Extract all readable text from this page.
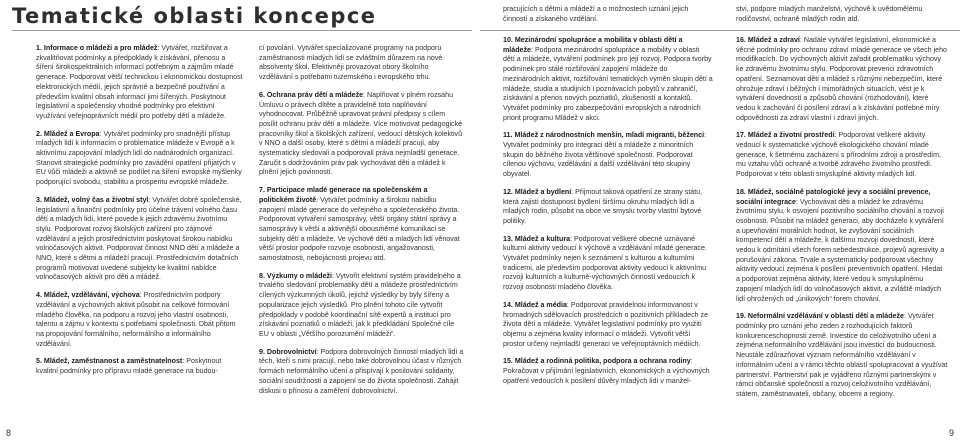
Tematické oblasti koncepce

1. Informace o mládeži a pro mládež: Vytvářet, rozšiřovat a zkvalitňovat podmínky a předpoklady k získávání, přenosu a šíření širokospektrálních informací potřebným a zájmům mladé generace. Podporovat větší technickou i ekonomickou dostupnost elektronických médií, jejich správné a bezpečné používání a především kvalitní obsah informací jimi šířených. Poskytnout legislativní a společensky vhodné podmínky pro efektivní využívání veřejnoprávních médií pro potřeby dětí a mládeže.

2. Mládež a Evropa: Vytvářet podmínky pro snadnější přístup mladých lidí k informacím o problematice mládeže v Evropě a k aktivnímu zapojování mladých lidí do nadnárodních organizací. Stanovit strategické podmínky pro zavádění opatření přijatých v EU vůči mládeži a aktivně se podílet na šíření evropské myšlenky podporující svobodu, stabilitu a prosperitu evropské mládeže.

3. Mládež, volný čas a životní styl: Vytvářet dobré společenské, legislativní a finanční podmínky pro účelné trávení volného času dětí a mladých lidí, které povede k jejich zdravému životnímu stylu. Podporovat rozvoj školských zařízení pro zájmové vzdělávání a jejich prostřednictvím poskytovat širokou nabídku volnočasových aktivit. Podporovat činnost NNO dětí a mládeže a NNO, které s dětmi a mládeží pracují. Prostřednictvím dotačních programů motivovat uvedené subjekty ke kvalitní nabídce volnočasových aktivit pro děti a mládež.

4. Mládež, vzdělávání, výchova: Prostřednictvím podpory vzdělávání a výchovných aktivit působit na celkové formování mladého člověka, na podporu a rozvoj jeho vlastní osobnosti, talentu a zájmu v kontextu s potřebami společnosti. Dbát přitom na propojování formálního, neformálního a informálního vzdělávání.

5. Mládež, zaměstnanost a zaměstnatelnost: Poskytnout kvalitní podmínky pro přípravu mladé generace na budou-

cí povolání. Vytvářet specializované programy na podporu zaměstnanosti mladých lidí se zvláštním důrazem na nové absolventy škol. Efektivněji provazovat obory školního vzdělávání s potřebami tuzemského i evropského trhu.

6. Ochrana práv dětí a mládeže: Naplňovat v plném rozsahu Úmluvu o právech dítěte a pravidelně toto naplňování vyhodnocovat. Průběžně upravovat právní předpisy s cílem posílit ochranu práv dětí a mládeže. Více motivovat pedagogické pracovníky škol a školských zařízení, vedoucí dětských kolektivů v NNO a další osoby, které s dětmi a mládeží pracují, aby systematicky sledovali a podporovali práva nejmladší generace. Zaručit s dodržováním práv pak vychovávat děti a mládež k plnění jejich povinností.

7. Participace mladé generace na společenském a politickém životě: Vytvářet podmínky a širokou nabídku zapojení mladé generace do veřejného a společenského života. Podporovat vytváření samosprávy, větší orgány státní správy a samosprávy k větší a aktivnější obousměrné komunikaci se subjekty dětí a mládeže. Ve výchově dětí a mladých lidí věnovat větší prostor podpoře rozvoje osobnosti, angažovanosti, samostatnosti, nebojácnosti projevu atd.

8. Výzkumy o mládeži: Vytvořit efektivní systém pravidelného a trvalého sledování problematiky dětí a mládeže prostřednictvím cílených výzkumných úkolů, jejichž výsledky by byly šířeny a popularizace jejich výsledků. Pro plnění tohoto cíle vytvořit předpoklady v podobě koordinační sítě expertů a institucí pro získávání poznatků o mládeži, jak k předkládání Společné cíle EU v oblasti „Většího porozumění mládeži“.

9. Dobrovolnictví: Podpora dobrovolných činností mladých lidí a těch, kteří s nimi pracují, nebo také dobrovolnou účast v různých formách neformálního učení a přispívají k posilování solidarity, sociální soudržnosti a zapojení se do života společnosti. Zahájit diskusi o přínosu a zaměření dobrovolnictví.

8
pracujících s dětmi a mládeží a o možnostech uznání jejich činností a získaného vzdělání.
stvi, podpore mladých manželstvi, výchově k uvědomělému rodičovství, ochraně mladých rodin atd.

10. Mezinárodní spolupráce a mobilita v oblasti dětí a mládeže: Podpora mezinárodní spolupráce a mobility v oblasti dětí a mládeže, vytváření podmínek pro její rozvoj. Podpora tvorby podmínek pro stálé rozšiřování zapojení mládeže do mezinárodních aktivit, rozšiřování tematických výměn skupin dětí a mládeže, studia a studijních i poznávacích pobytů v zahraničí, získávání a přenos nových poznatků, zkušeností a kontaktů. Vytvářet podmínky pro zabezpečování evropských a národních priorit programu Mládež v akci.

11. Mládež z národnostních menšin, mladí migranti, běženci: Vytvářet podmínky pro integraci dětí a mládeže z minoritních skupin do běžného života většinové společnosti. Podporovat cílenou výchovu, vzdělávání a další vzdělávání této skupiny obyvatel.

12. Mládež a bydlení: Přijmout taková opatření ze strany státu, která zajistí dostupnost bydlení širšímu okruhu mladých lidí a mladých rodin, působit na obce ve smyslu tvorby vlastní bytové politiky.

13. Mládež a kultura: Podporovat veškeré obecné uznávané kulturní aktivity vedoucí k výchově a vzdělávání mladé generace. Vytvářet podmínky nejen k seznámení s kulturou a kulturními tradicemi, ale především podporovat aktivity vedoucí k aktivnímu rozvoji kulturních a kulturně-výchovných činností vedoucích k rozvoji osobnosti mladého člověka.

14. Mládež a média: Podporovat pravidelnou informovanost v hromadných sdělovacích prostředcích o pozitivních příkladech ze života dětí a mládeže. Vytvářet legislativní podmínky pro využití objemu a zejména kvality informací o mládeži. Vytvořit větší prostor určený nejmladší generaci ve veřejnoprávních médiích.

15. Mládež a rodinná politika, podpora a ochrana rodiny: Pokračovat v přijímání legislativních, ekonomických a výchovných opatření vedoucích k posílení důvěry mladých lidí v manžel-

16. Mládež a zdraví: Nadále vytvářet legislativní, ekonomické a věcné podmínky pro ochranu zdraví mladé generace ve všech jeho modifikacích. Do výchovných aktivit zařadit problematiku výchovy ke zdravému životnímu stylu. Podporovat prevenci zdravotních opatření. Seznamovat děti a mládež s různými nebezpečím, které ohrožuje zdraví i běžných i mimořádných situacích, vést je k vytváření dovedností a způsobů chování (rozhodování), které vedou k zachování či posílení zdraví a k získávání potřebné míry odpovědnosti za zdraví vlastní i zdraví jiných.

17. Mládež a životní prostředí: Podporovat veškeré aktivity vedoucí k systematické výchově ekologického chování mladé generace, k šetrnému zacházení s přírodními zdroji a prostředím, mu vztahu vůči ochraně a tvorbě zdravého životního prostředí. Podporovat v této oblasti smysluplné aktivity mladých lidí.

18. Mládež, sociálně patologické jevy a sociální prevence, sociální integrace: Vychovávat děti a mládež ke zdravému životnímu stylu, k osvojení pozitivního sociálního chování a rozvoji osobnosti. Působit na mládež generaci, aby docházelo k vytváření a upevňování morálních hodnot, ke zvyšování sociálních kompetencí dětí a mládeže, k dalšímu rozvoji dovedností, které vedou k odmítání všech forem sebedestrukce, projevů agresivity a porušování zákona. Trvale a systematicky podporovat všechny aktivity vedoucí zejména k posílení preventivních opatření. Hledat a podporovat zejména aktivity, které vedou k smysluplnému zapojení mladých lidí do volnočasových aktivit, a zvláště mladých lidí ohrožených od „únikových“ forem chování.

19. Neformální vzdělávání v oblasti dětí a mládeže: Vytvářet podmínky pro uznání jeho zeden z rozhodujících faktorů konkurenceschopnosti země. Investice do celoživotního učení a zejména neformálního vzdělávání jsou investicí do budoucnosti. Neustále zdůrazňovat význam neformálního vzdělávání v informálním učení a v rámci těchto oblastí spolupracovat a využívat partnerství. Partnerství pak je vyjádřeno různými partnerskými v rámci občanské společnosti a rozvoj celoživotního vzdělávání, státem, zaměstnavateli, občany, obcemi a regiony.

9
